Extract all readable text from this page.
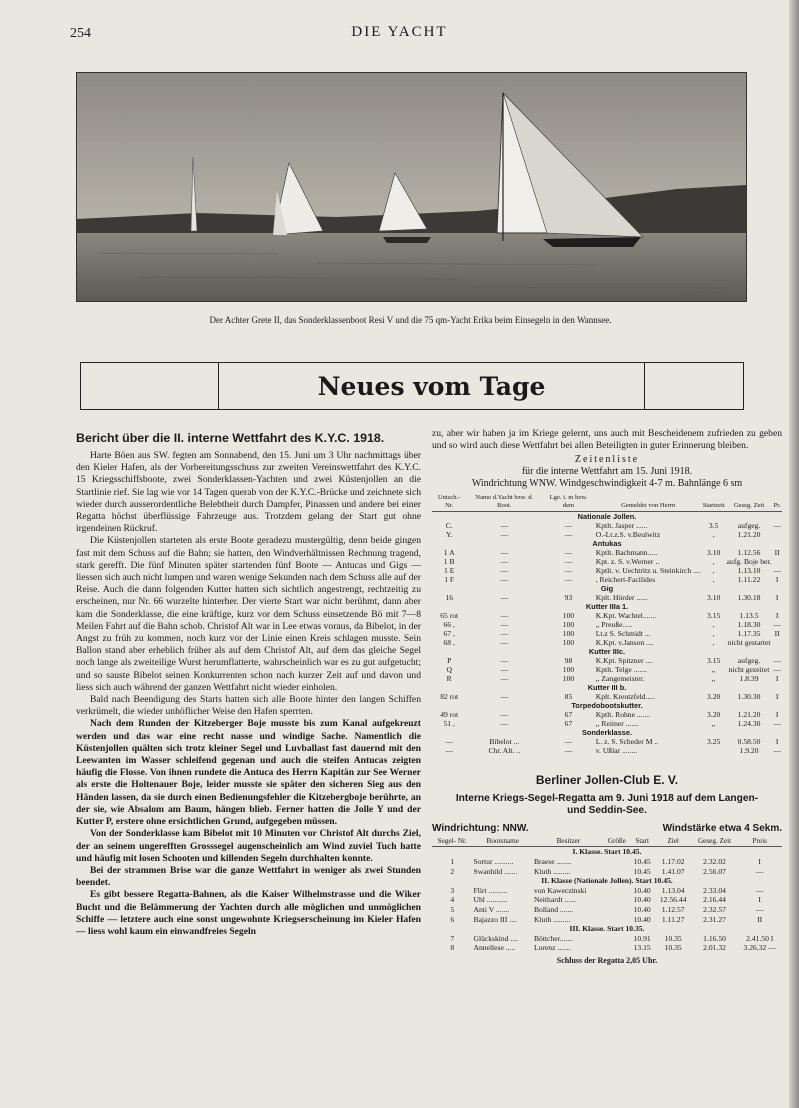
254	DIE YACHT
Der Achter Grete II, das Sonderklassenboot Resi V und die 75 qm-Yacht Erika beim Einsegeln in den Wannsee.
Neues vom Tage
Bericht über die II. interne Wettfahrt des K.Y.C. 1918.

Harte Böen aus SW. fegten am Sonnabend, den 15. Juni um 3 Uhr nachmittags über den Kieler Hafen, als der Vorbereitungsschuss zur zweiten Vereinswettfahrt des K.Y.C. 15 Kriegsschiffsboote, zwei Sonderklassen-Yachten und zwei Küstenjollen an die Startlinie rief. Sie lag wie vor 14 Tagen querab von der K.Y.C.-Brücke und zeichnete sich wieder durch ausserordentliche Belebtheit durch Dampfer, Pinassen und andere bei einer Regatta höchst überflüssige Fahrzeuge aus. Trotzdem gelang der Start gut ohne irgendeinen Rückruf.

Die Küstenjollen starteten als erste Boote geradezu mustergültig, denn beide gingen fast mit dem Schuss auf die Bahn; sie hatten, den Windverhältnissen Rechnung tragend, stark gerefft. Die fünf Minuten später startenden fünf Boote — Antucas und Gigs — liessen sich auch nicht lumpen und waren wenige Sekunden nach dem Schuss alle auf der Reise. Auch die dann folgenden Kutter hatten sich sichtlich angestrengt, rechtzeitig zu erscheinen, nur Nr. 66 wurzelte hinterher. Der vierte Start war nicht berühmt, dann aber kam die Sonderklasse, die eine kräftige, kurz vor dem Schuss einsetzende Bö mit 7—8 Meilen Fahrt auf die Bahn schob. Christof Alt war in Lee etwas voraus, da Bibelot, in der Angst zu früh zu kommen, noch kurz vor der Linie einen Kreis schlagen musste. Sein Ballon stand aber erheblich früher als auf dem Christof Alt, auf dem das gleiche Segel noch lange als zweiteilige Wurst herumflatterte, wahrscheinlich war es zu gut aufgetucht; und so sauste Bibelot seinen Konkurrenten schon nach kurzer Zeit auf und davon und liess sich auch während der ganzen Wettfahrt nicht wieder einholen.

Bald nach Beendigung des Starts hatten sich alle Boote hinter den langen Schiffen verkrümelt, die wieder unhöflicher Weise den Hafen sperrten.

Nach dem Runden der Kitzeberger Boje musste bis zum Kanal aufgekreuzt werden und das war eine recht nasse und windige Sache. Namentlich die Küstenjollen quälten sich trotz kleiner Segel und Luvballast fast dauernd mit den Leewanten im Wasser schleifend gegenan und auch die steifen Antucas zeigten häufig die Flosse. Von ihnen rundete die Antuca des Herrn Kapitän zur See Werner als erste die Holtenauer Boje, leider musste sie später den sicheren Sieg aus den Händen lassen, da sie durch einen Bedienungsfehler die Kitzebergboje berührte, an der sie, wie Absalom am Baum, hängen blieb. Ferner hatten die Jolle Y und der Kutter P, erstere ohne ersichtlichen Grund, aufgegeben müssen.

Von der Sonderklasse kam Bibelot mit 10 Minuten vor Christof Alt durchs Ziel, der an seinem ungerefften Grosssegel augenscheinlich am Wind zuviel Tuch hatte und häufig mit losen Schooten und killenden Segeln durchhalten konnte.

Bei der strammen Brise war die ganze Wettfahrt in weniger als zwei Stunden beendet.

Es gibt bessere Regatta-Bahnen, als die Kaiser Wilhelmstrasse und die Wiker Bucht und die Belämmerung der Yachten durch alle möglichen und unmöglichen Schiffe — letztere auch eine sonst ungewohnte Kriegserscheinung im Kieler Hafen — liess wohl kaum ein einwandfreies Segeln

zu, aber wir haben ja im Kriege gelernt, uns auch mit Bescheidenem zufrieden zu geben und so wird auch diese Wettfahrt bei allen Beteiligten in guter Erinnerung bleiben.

Zeitenliste

für die interne Wettfahrt am 15. Juni 1918.

Windrichtung WNW. Windgeschwindigkeit 4-7 m. Bahnlänge 6 sm

Untsch.- Nr.	Name d.Yacht bzw. d. Boot.	Lge. i. m bzw. dem	Gemeldet von Herrn	Startzeit	Geseg. Zeit	Pr.
Nationale Jollen.						
C.	—	—	Kptlt. Jasper ......	3.5	aufgeg.	—
Y.	—	—	O.-Lt.z.S. v.Beulwitz	,	1.21.20	
Antukas						
1 A	—	—	Kptlt. Bachmann.....	3.10	1.12.56	II
1 B	—	—	Kpt. z. S. v.Werner ..	,	aufg. Boje ber.	
1 E	—	—	Kptlt. v. Uechtritz u. Steinkirch ....	,	1.13.10	—
1 F	—	—	, Reichert-Facilides	,	1.11.22	I
Gig						
16	—	93	Kplt. Hörder ......	3.10	1.30.18	I
Kutter IIIa 1.						
65 rot	—	100	K.Kpt. Wachtel.......	3.15	1.13.5	I
66 ,	—	100	,, Preuße.....	,	1.18.30	—
67 ,	—	100	Lt.z S. Schmidt ...	,	1.17.35	II
68 ,	—	100	K.Kpt. v.Janson ....	,	nicht gestartet	
Kutter IIIc.						
P	—	98	K.Kpt. Spitzner ....	3.15	aufgeg.	—
Q	—	100	Kptlt. Telge .......	,,	nicht gezeitet	—
R	—	100	,, Zangemeister.	,,	1.8.39	I
Kutter III b.						
82 rot	—	85	Kplt. Kreutzfeld.....	3.20	1.30.30	I
Torpedobootskutter.						
49 rot	—	67	Kptlt. Rohne .......	3.20	1.21.20	I
51 ,	—	67	,, Reimer .......	,,	1.24.30	—
Sonderklasse.						
—	Bibelot ...	—	L. z. S. Scheder M ..	3.25	0.58.50	I
—	Chr. Alt. ..	—	v. Ußlar ........		1.9.20	—
Berliner Jollen-Club E. V.

Interne Kriegs-Segel-Regatta am 9. Juni 1918 auf dem Langen-

und Seddin-See.

Windrichtung: NNW.	Windstärke etwa 4 Sekm.
Segel- Nr.	Bootsname	Besitzer	Größe	Start	Ziel	Geseg. Zeit	Preis
I. Klasse. Start 10.45.							
1	Sortur ..........	Braese ........		10.45	1.17.02	2.32.02	I
2	Swanhild .......	Kluth .........		10.45	1.41.07	2.56.07	—
II. Klasse (Nationale Jollen). Start 10.45.							
3	Flirt ..........	von Kaweczinski		10.40	1.13.04	2.33.04	—
4	Uhl ...........	Neithardt ......		10.40	12.56.44	2.16.44	I
5	Anti V .......	Bolland .......		10.40	1.12.57	2.32.57	—
6	Bajazzo III ....	Kluth .........		10.40	1.11.27	2.31.27	II
III. Klasse. Start 10.35.							
7	Glückskind ....	Böttcher.......		10.91	10.35	1.16.50	2.41.50 I
8	Annellese .....	Lorenz .......		13.15	10.35	2.01.32	3.26.32 —
Schluss der Regatta 2,05 Uhr.
